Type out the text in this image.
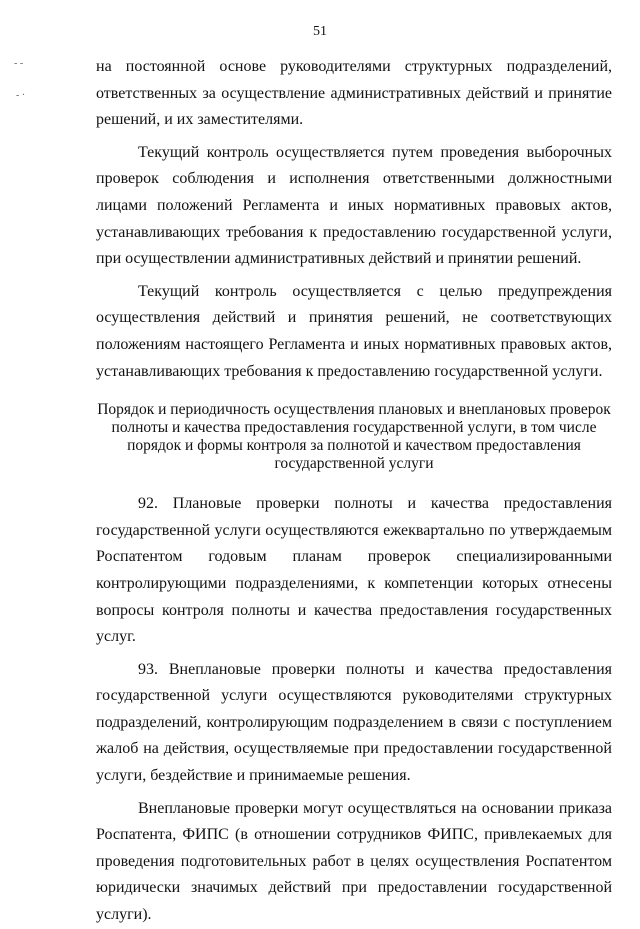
51
- -
- ·

на постоянной основе руководителями структурных подразделений, ответственных за осуществление административных действий и принятие решений, и их заместителями.

Текущий контроль осуществляется путем проведения выборочных проверок соблюдения и исполнения ответственными должностными лицами положений Регламента и иных нормативных правовых актов, устанавливающих требования к предоставлению государственной услуги, при осуществлении административных действий и принятии решений.

Текущий контроль осуществляется с целью предупреждения осуществления действий и принятия решений, не соответствующих положениям настоящего Регламента и иных нормативных правовых актов, устанавливающих требования к предоставлению государственной услуги.

Порядок и периодичность осуществления плановых и внеплановых проверок полноты и качества предоставления государственной услуги, в том числе порядок и формы контроля за полнотой и качеством предоставления государственной услуги

92. Плановые проверки полноты и качества предоставления государственной услуги осуществляются ежеквартально по утверждаемым Роспатентом годовым планам проверок специализированными контролирующими подразделениями, к компетенции которых отнесены вопросы контроля полноты и качества предоставления государственных услуг.

93. Внеплановые проверки полноты и качества предоставления государственной услуги осуществляются руководителями структурных подразделений, контролирующим подразделением в связи с поступлением жалоб на действия, осуществляемые при предоставлении государственной услуги, бездействие и принимаемые решения.

Внеплановые проверки могут осуществляться на основании приказа Роспатента, ФИПС (в отношении сотрудников ФИПС, привлекаемых для проведения подготовительных работ в целях осуществления Роспатентом юридически значимых действий при предоставлении государственной услуги).
